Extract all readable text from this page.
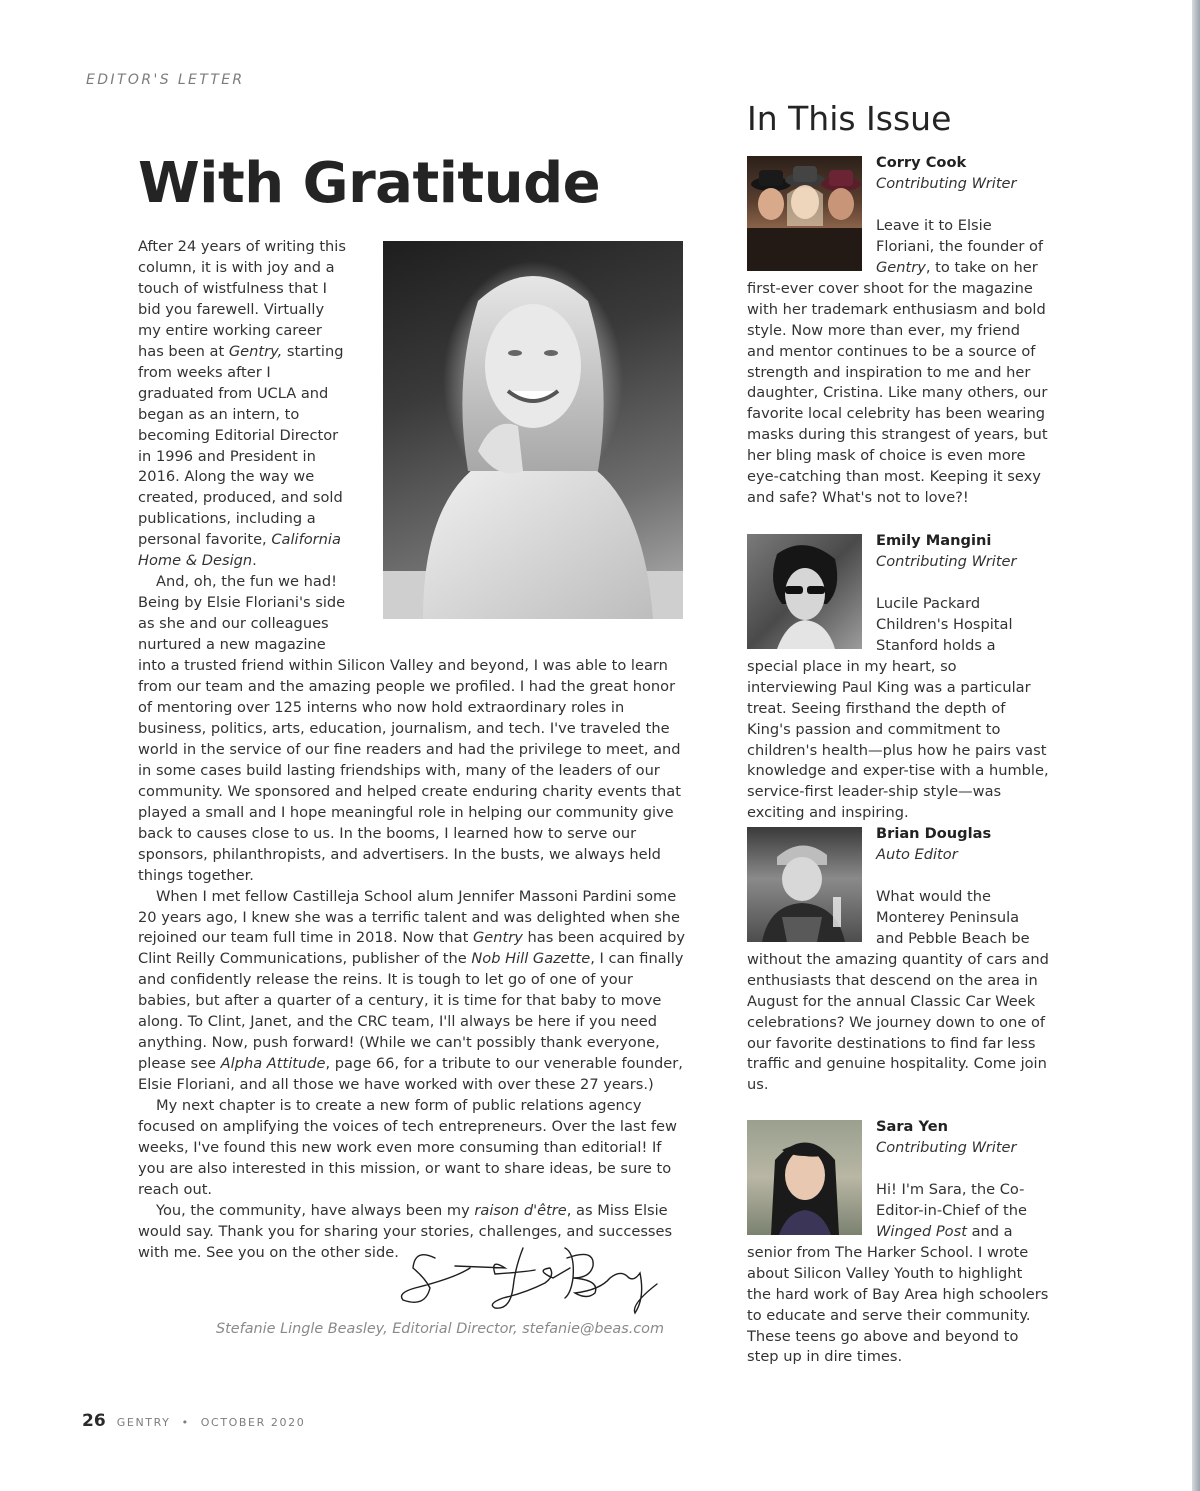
EDITOR'S LETTER
With Gratitude

After 24 years of writing this column, it is with joy and a touch of wistfulness that I bid you farewell. Virtually my entire working career has been at Gentry, starting from weeks after I graduated from UCLA and began as an intern, to becoming Editorial Director in 1996 and President in 2016. Along the way we created, produced, and sold publications, including a personal favorite, California Home & Design.

And, oh, the fun we had! Being by Elsie Floriani's side as she and our colleagues nurtured a new magazine into a trusted friend within Silicon Valley and beyond, I was able to learn from our team and the amazing people we profiled. I had the great honor of mentoring over 125 interns who now hold extraordinary roles in business, politics, arts, education, journalism, and tech. I've traveled the world in the service of our fine readers and had the privilege to meet, and in some cases build lasting friendships with, many of the leaders of our community. We sponsored and helped create enduring charity events that played a small and I hope meaningful role in helping our community give back to causes close to us. In the booms, I learned how to serve our sponsors, philanthropists, and advertisers. In the busts, we always held things together.

When I met fellow Castilleja School alum Jennifer Massoni Pardini some 20 years ago, I knew she was a terrific talent and was delighted when she rejoined our team full time in 2018. Now that Gentry has been acquired by Clint Reilly Communications, publisher of the Nob Hill Gazette, I can finally and confidently release the reins. It is tough to let go of one of your babies, but after a quarter of a century, it is time for that baby to move along. To Clint, Janet, and the CRC team, I'll always be here if you need anything. Now, push forward! (While we can't possibly thank everyone, please see Alpha Attitude, page 66, for a tribute to our venerable founder, Elsie Floriani, and all those we have worked with over these 27 years.)

My next chapter is to create a new form of public relations agency focused on amplifying the voices of tech entrepreneurs. Over the last few weeks, I've found this new work even more consuming than editorial! If you are also interested in this mission, or want to share ideas, be sure to reach out.

You, the community, have always been my raison d'être, as Miss Elsie would say. Thank you for sharing your stories, challenges, and successes with me. See you on the other side.

Stefanie Lingle Beasley, Editorial Director, stefanie@beas.com
26 GENTRY • OCTOBER 2020
In This Issue
Corry Cook
Contributing Writer

Leave it to Elsie Floriani, the founder of Gentry, to take on her first-ever cover shoot for the magazine with her trademark enthusiasm and bold style. Now more than ever, my friend and mentor continues to be a source of strength and inspiration to me and her daughter, Cristina. Like many others, our favorite local celebrity has been wearing masks during this strangest of years, but her bling mask of choice is even more eye-catching than most. Keeping it sexy and safe? What's not to love?!

Emily Mangini
Contributing Writer

Lucile Packard Children's Hospital Stanford holds a special place in my heart, so interviewing Paul King was a particular treat. Seeing firsthand the depth of King's passion and commitment to children's health—plus how he pairs vast knowledge and exper-tise with a humble, service-first leader-ship style—was exciting and inspiring.

Brian Douglas
Auto Editor

What would the Monterey Peninsula and Pebble Beach be without the amazing quantity of cars and enthusiasts that descend on the area in August for the annual Classic Car Week celebrations? We journey down to one of our favorite destinations to find far less traffic and genuine hospitality. Come join us.

Sara Yen
Contributing Writer

Hi! I'm Sara, the Co-Editor-in-Chief of the Winged Post and a senior from The Harker School. I wrote about Silicon Valley Youth to highlight the hard work of Bay Area high schoolers to educate and serve their community. These teens go above and beyond to step up in dire times.
